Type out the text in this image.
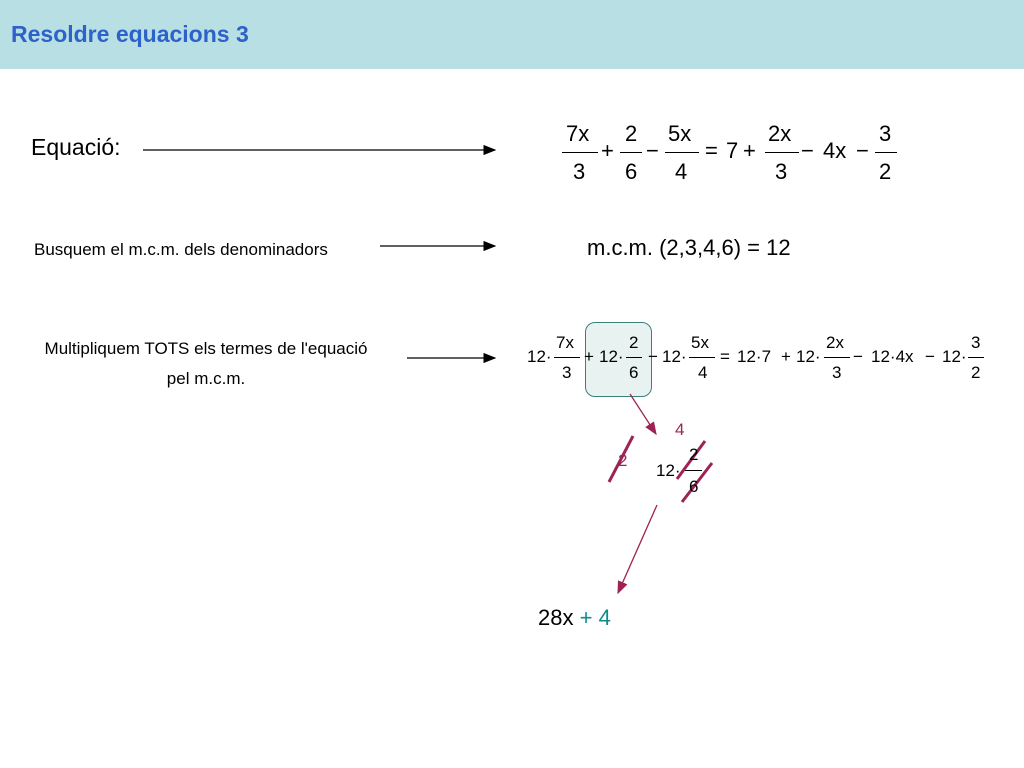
Resoldre equacions 3
Equació:
Busquem el m.c.m. dels denominadors
Multipliquem TOTS els termes de l'equació pel m.c.m.
m.c.m. (2,3,4,6) = 12
7x
3
+
2
6
−
5x
4
= 7 +
2x
3
− 4x −
3
2
12·
7x
3
+ 12·
2
6
− 12·
5x
4
= 12·7 + 12·
2x
3
− 12·4x − 12·
3
2
4
2
12·
2
6
28x + 4
